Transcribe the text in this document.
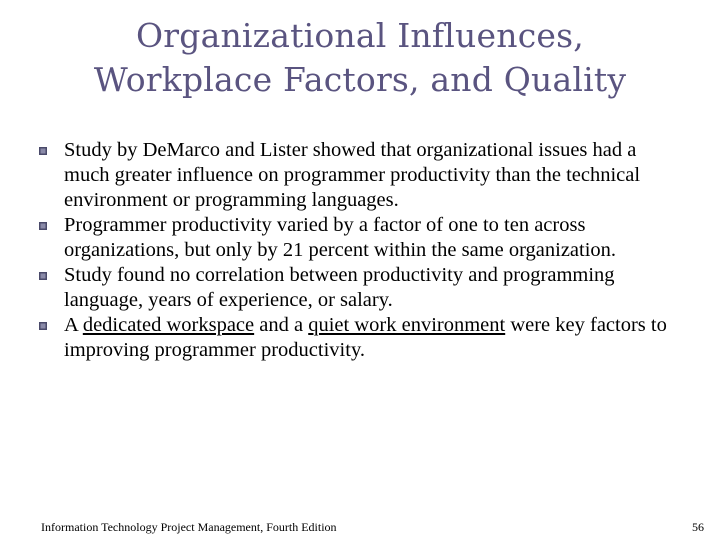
Organizational Influences,
Workplace Factors, and Quality
Study by DeMarco and Lister showed that organizational issues had a much greater influence on programmer productivity than the technical environment or programming languages.
Programmer productivity varied by a factor of one to ten across organizations, but only by 21 percent within the same organization.
Study found no correlation between productivity and programming language, years of experience, or salary.
A dedicated workspace and a quiet work environment were key factors to improving programmer productivity.
Information Technology Project Management, Fourth Edition	56
